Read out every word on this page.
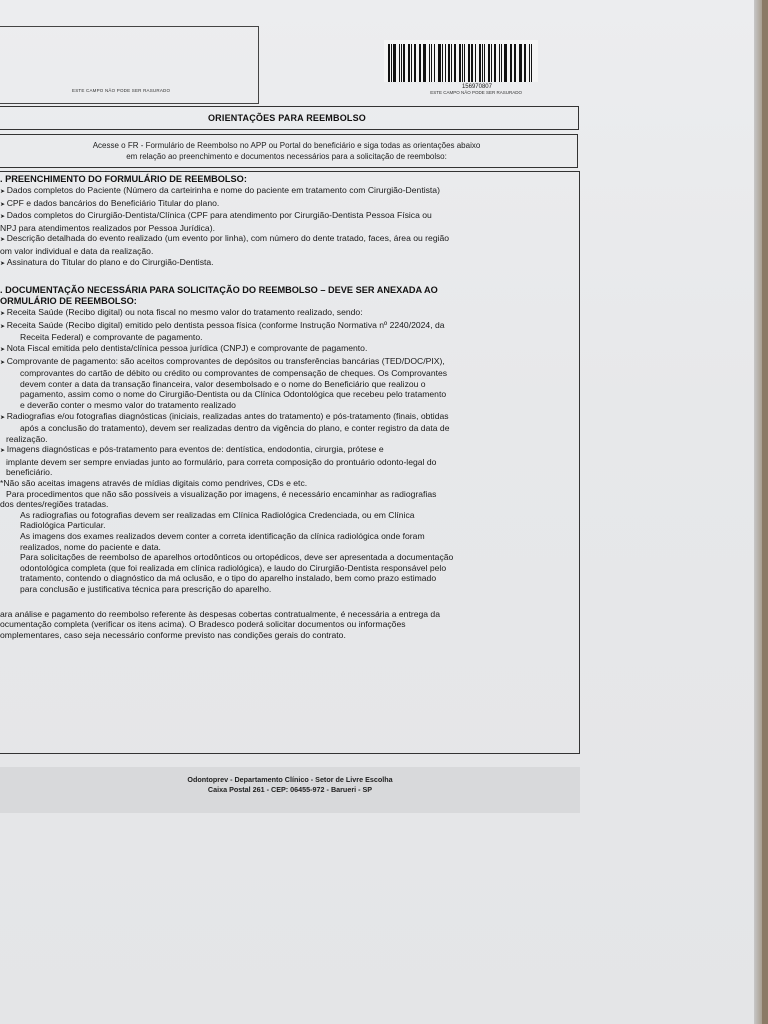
ESTE CAMPO NÃO PODE SER RASURADO
156970807
ESTE CAMPO NÃO PODE SER RASURADO
ORIENTAÇÕES PARA REEMBOLSO
Acesse o FR - Formulário de Reembolso no APP ou Portal do beneficiário e siga todas as orientações abaixo
em relação ao preenchimento e documentos necessários para a solicitação de reembolso:
. PREENCHIMENTO DO FORMULÁRIO DE REEMBOLSO:
➤ Dados completos do Paciente (Número da carteirinha e nome do paciente em tratamento com Cirurgião-Dentista)
➤ CPF e dados bancários do Beneficiário Titular do plano.
➤ Dados completos do Cirurgião-Dentista/Clínica (CPF para atendimento por Cirurgião-Dentista Pessoa Física ou
NPJ para atendimentos realizados por Pessoa Jurídica).
➤ Descrição detalhada do evento realizado (um evento por linha), com número do dente tratado, faces, área ou região
om valor individual e data da realização.
➤ Assinatura do Titular do plano e do Cirurgião-Dentista.
. DOCUMENTAÇÃO NECESSÁRIA PARA SOLICITAÇÃO DO REEMBOLSO – DEVE SER ANEXADA AO
ORMULÁRIO DE REEMBOLSO:
➤ Receita Saúde (Recibo digital) ou nota fiscal no mesmo valor do tratamento realizado, sendo:
➤ Receita Saúde (Recibo digital) emitido pelo dentista pessoa física (conforme Instrução Normativa nº 2240/2024, da
Receita Federal) e comprovante de pagamento.
➤ Nota Fiscal emitida pelo dentista/clínica pessoa jurídica (CNPJ) e comprovante de pagamento.
➤ Comprovante de pagamento: são aceitos comprovantes de depósitos ou transferências bancárias (TED/DOC/PIX),
comprovantes do cartão de débito ou crédito ou comprovantes de compensação de cheques. Os Comprovantes
devem conter a data da transação financeira, valor desembolsado e o nome do Beneficiário que realizou o
pagamento, assim como o nome do Cirurgião-Dentista ou da Clínica Odontológica que recebeu pelo tratamento
e deverão conter o mesmo valor do tratamento realizado
➤ Radiografias e/ou fotografias diagnósticas (iniciais, realizadas antes do tratamento) e pós-tratamento (finais, obtidas
após a conclusão do tratamento), devem ser realizadas dentro da vigência do plano, e conter registro da data de
realização.
➤ Imagens diagnósticas e pós-tratamento para eventos de: dentística, endodontia, cirurgia, prótese e
implante devem ser sempre enviadas junto ao formulário, para correta composição do prontuário odonto-legal do
beneficiário.
*Não são aceitas imagens através de mídias digitais como pendrives, CDs e etc.
Para procedimentos que não são possíveis a visualização por imagens, é necessário encaminhar as radiografias
dos dentes/regiões tratadas.
As radiografias ou fotografias devem ser realizadas em Clínica Radiológica Credenciada, ou em Clínica
Radiológica Particular.
As imagens dos exames realizados devem conter a correta identificação da clínica radiológica onde foram
realizados, nome do paciente e data.
Para solicitações de reembolso de aparelhos ortodônticos ou ortopédicos, deve ser apresentada a documentação
odontológica completa (que foi realizada em clínica radiológica), e laudo do Cirurgião-Dentista responsável pelo
tratamento, contendo o diagnóstico da má oclusão, e o tipo do aparelho instalado, bem como prazo estimado
para conclusão e justificativa técnica para prescrição do aparelho.
ara análise e pagamento do reembolso referente às despesas cobertas contratualmente, é necessária a entrega da
ocumentação completa (verificar os itens acima). O Bradesco poderá solicitar documentos ou informações
omplementares, caso seja necessário conforme previsto nas condições gerais do contrato.
Odontoprev - Departamento Clínico - Setor de Livre Escolha
Caixa Postal 261 - CEP: 06455-972 - Barueri - SP
